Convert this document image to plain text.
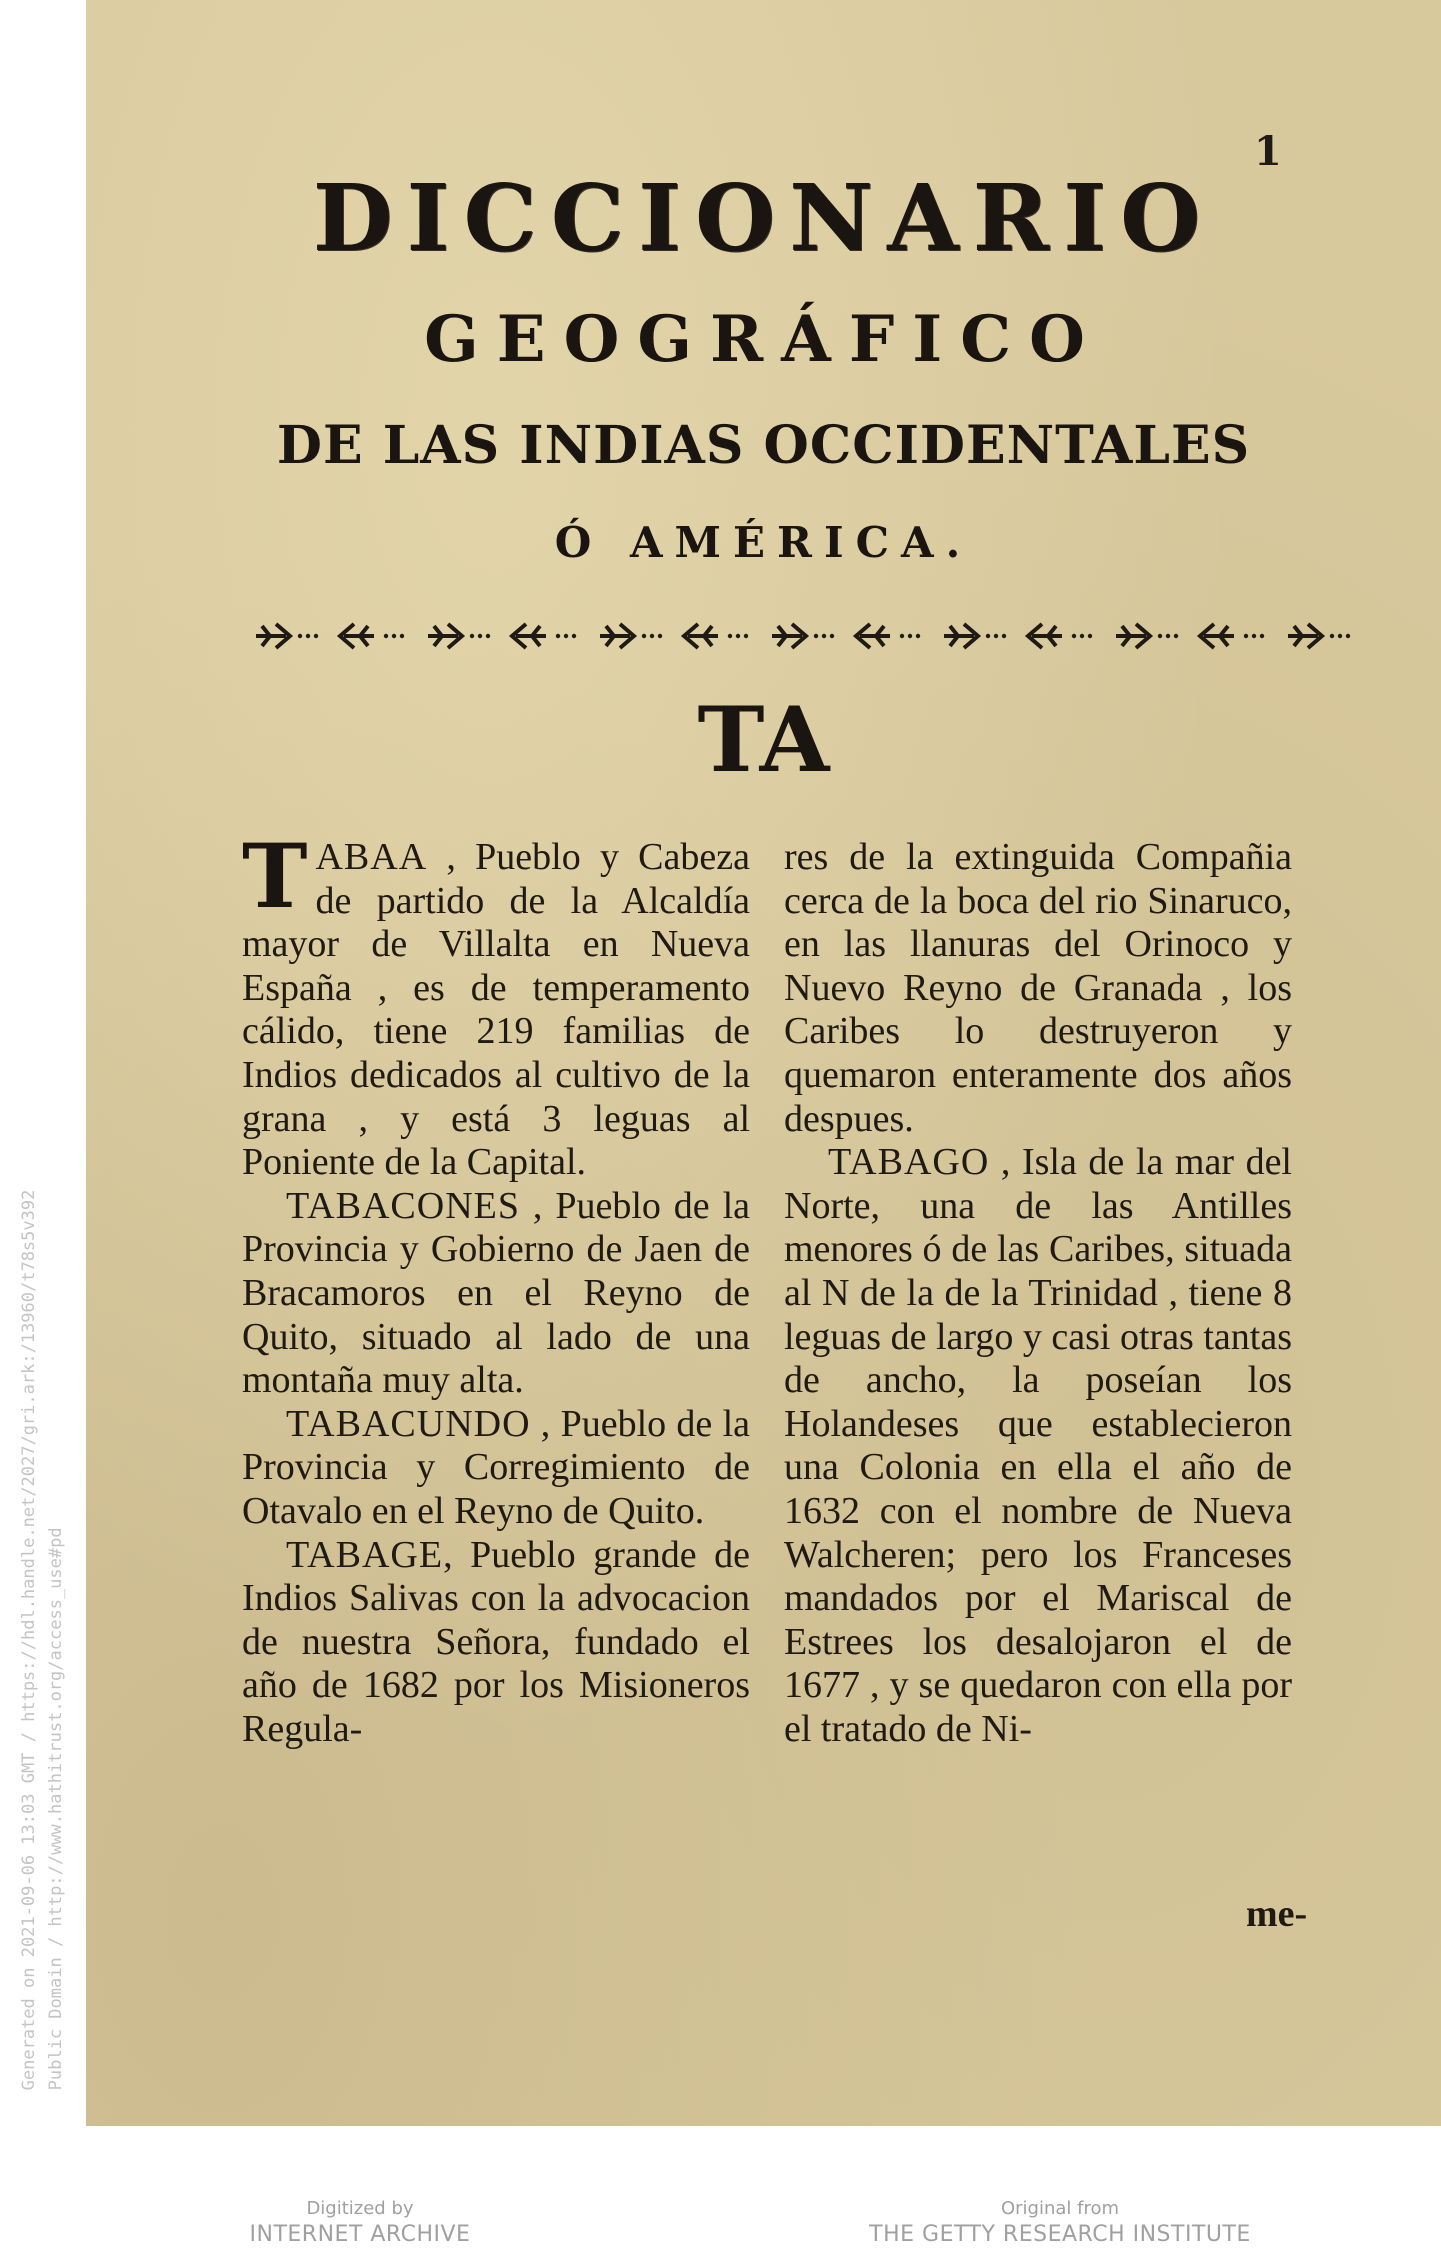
Generated on 2021-09-06 13:03 GMT / https://hdl.handle.net/2027/gri.ark:/13960/t78s5v392 Public Domain / http://www.hathitrust.org/access_use#pd
1
DICCIONARIO
GEOGRÁFICO
DE LAS INDIAS OCCIDENTALES
Ó AMÉRICA.
TA

TABAA , Pueblo y Cabeza de partido de la Alcaldía mayor de Villalta en Nueva España , es de temperamento cálido, tiene 219 familias de Indios dedicados al cultivo de la grana , y está 3 leguas al Poniente de la Capital.

TABACONES , Pueblo de la Provincia y Gobierno de Jaen de Bracamoros en el Reyno de Quito, situado al lado de una montaña muy alta.

TABACUNDO , Pueblo de la Provincia y Corregimiento de Otavalo en el Reyno de Quito.

TABAGE, Pueblo grande de Indios Salivas con la advocacion de nuestra Señora, fundado el año de 1682 por los Misioneros Regula-

res de la extinguida Compañia cerca de la boca del rio Sinaruco, en las llanuras del Orinoco y Nuevo Reyno de Granada , los Caribes lo destruyeron y quemaron enteramente dos años despues.

TABAGO , Isla de la mar del Norte, una de las Antilles menores ó de las Caribes, situada al N de la de la Trinidad , tiene 8 leguas de largo y casi otras tantas de ancho, la poseían los Holandeses que establecieron una Colonia en ella el año de 1632 con el nombre de Nueva Walcheren; pero los Franceses mandados por el Mariscal de Estrees los desalojaron el de 1677 , y se quedaron con ella por el tratado de Ni-

me-
Digitized by
INTERNET ARCHIVE
Original from
THE GETTY RESEARCH INSTITUTE
